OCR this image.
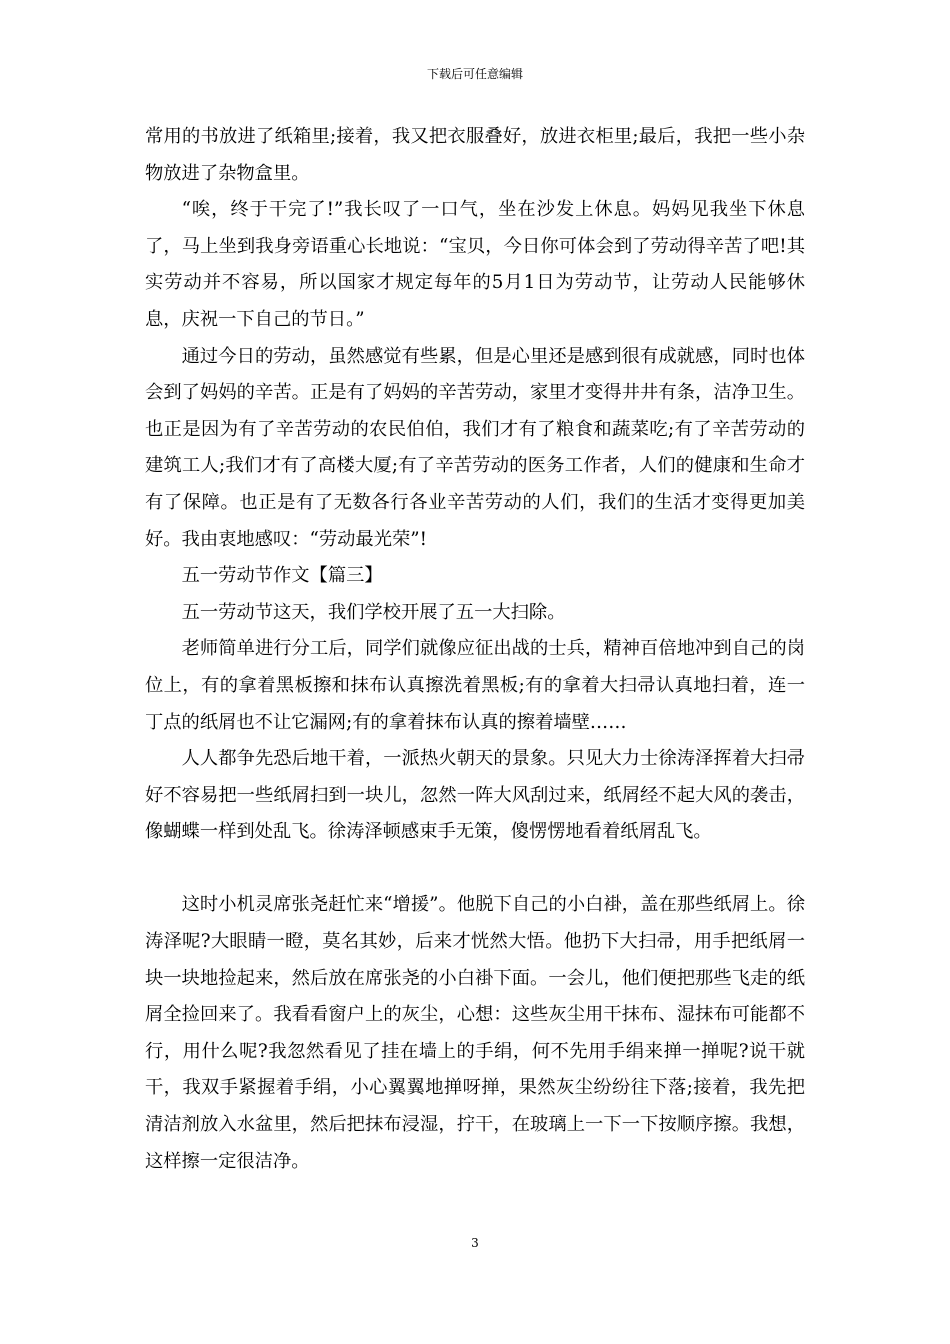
下载后可任意编辑

常用的书放进了纸箱里;接着，我又把衣服叠好，放进衣柜里;最后，我把一些小杂物放进了杂物盒里。

“唉，终于干完了!”我长叹了一口气，坐在沙发上休息。妈妈见我坐下休息了，马上坐到我身旁语重心长地说：“宝贝，今日你可体会到了劳动得辛苦了吧!其实劳动并不容易，所以国家才规定每年的5月1日为劳动节，让劳动人民能够休息，庆祝一下自己的节日。”

通过今日的劳动，虽然感觉有些累，但是心里还是感到很有成就感，同时也体会到了妈妈的辛苦。正是有了妈妈的辛苦劳动，家里才变得井井有条，洁净卫生。也正是因为有了辛苦劳动的农民伯伯，我们才有了粮食和蔬菜吃;有了辛苦劳动的建筑工人;我们才有了高楼大厦;有了辛苦劳动的医务工作者，人们的健康和生命才有了保障。也正是有了无数各行各业辛苦劳动的人们，我们的生活才变得更加美好。我由衷地感叹：“劳动最光荣”!

五一劳动节作文【篇三】

五一劳动节这天，我们学校开展了五一大扫除。

老师简单进行分工后，同学们就像应征出战的士兵，精神百倍地冲到自己的岗位上，有的拿着黑板擦和抹布认真擦洗着黑板;有的拿着大扫帚认真地扫着，连一丁点的纸屑也不让它漏网;有的拿着抹布认真的擦着墙壁……

人人都争先恐后地干着，一派热火朝天的景象。只见大力士徐涛泽挥着大扫帚好不容易把一些纸屑扫到一块儿，忽然一阵大风刮过来，纸屑经不起大风的袭击，像蝴蝶一样到处乱飞。徐涛泽顿感束手无策，傻愣愣地看着纸屑乱飞。

这时小机灵席张尧赶忙来“增援”。他脱下自己的小白褂，盖在那些纸屑上。徐涛泽呢?大眼睛一瞪，莫名其妙，后来才恍然大悟。他扔下大扫帚，用手把纸屑一块一块地捡起来，然后放在席张尧的小白褂下面。一会儿，他们便把那些飞走的纸屑全捡回来了。我看看窗户上的灰尘，心想：这些灰尘用干抹布、湿抹布可能都不行，用什么呢?我忽然看见了挂在墙上的手绢，何不先用手绢来掸一掸呢?说干就干，我双手紧握着手绢，小心翼翼地掸呀掸，果然灰尘纷纷往下落;接着，我先把清洁剂放入水盆里，然后把抹布浸湿，拧干，在玻璃上一下一下按顺序擦。我想，这样擦一定很洁净。

3
